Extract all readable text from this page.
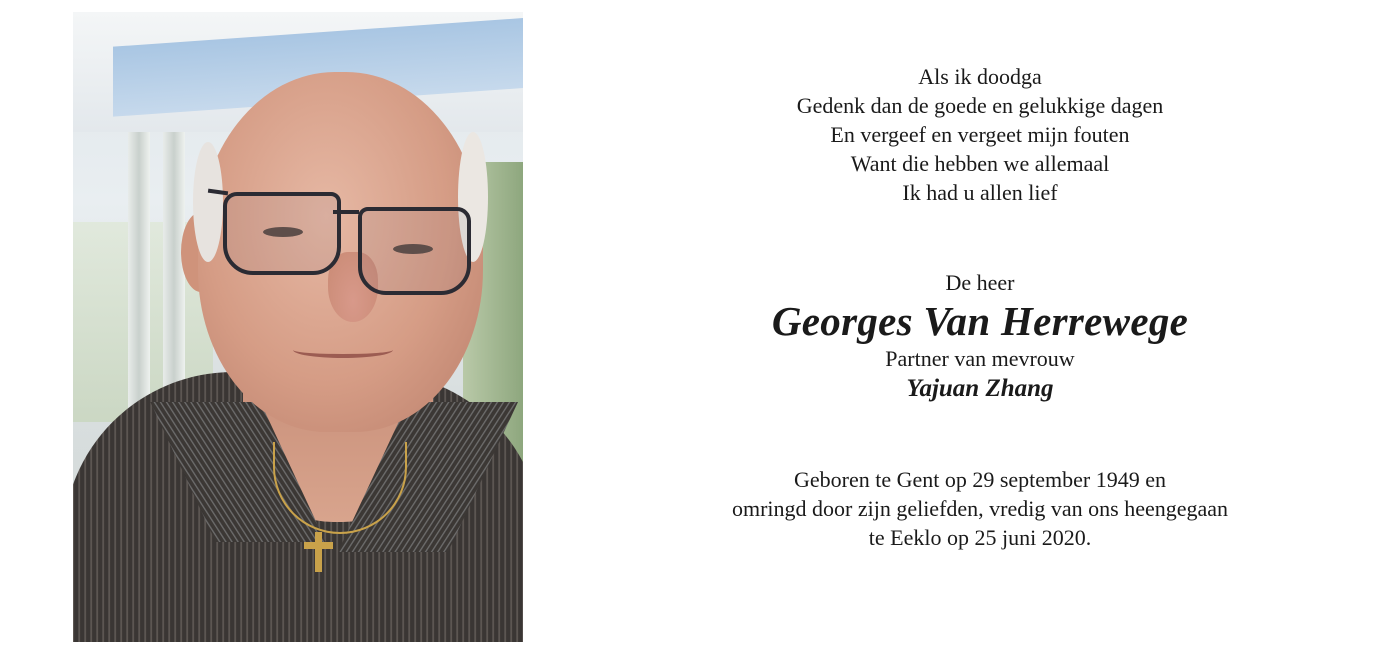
Als ik doodga
Gedenk dan de goede en gelukkige dagen
En vergeef en vergeet mijn fouten
Want die hebben we allemaal
Ik had u allen lief
De heer
Georges Van Herrewege
Partner van mevrouw
Yajuan Zhang
Geboren te Gent op 29 september 1949 en
omringd door zijn geliefden, vredig van ons heengegaan
te Eeklo op 25 juni 2020.
